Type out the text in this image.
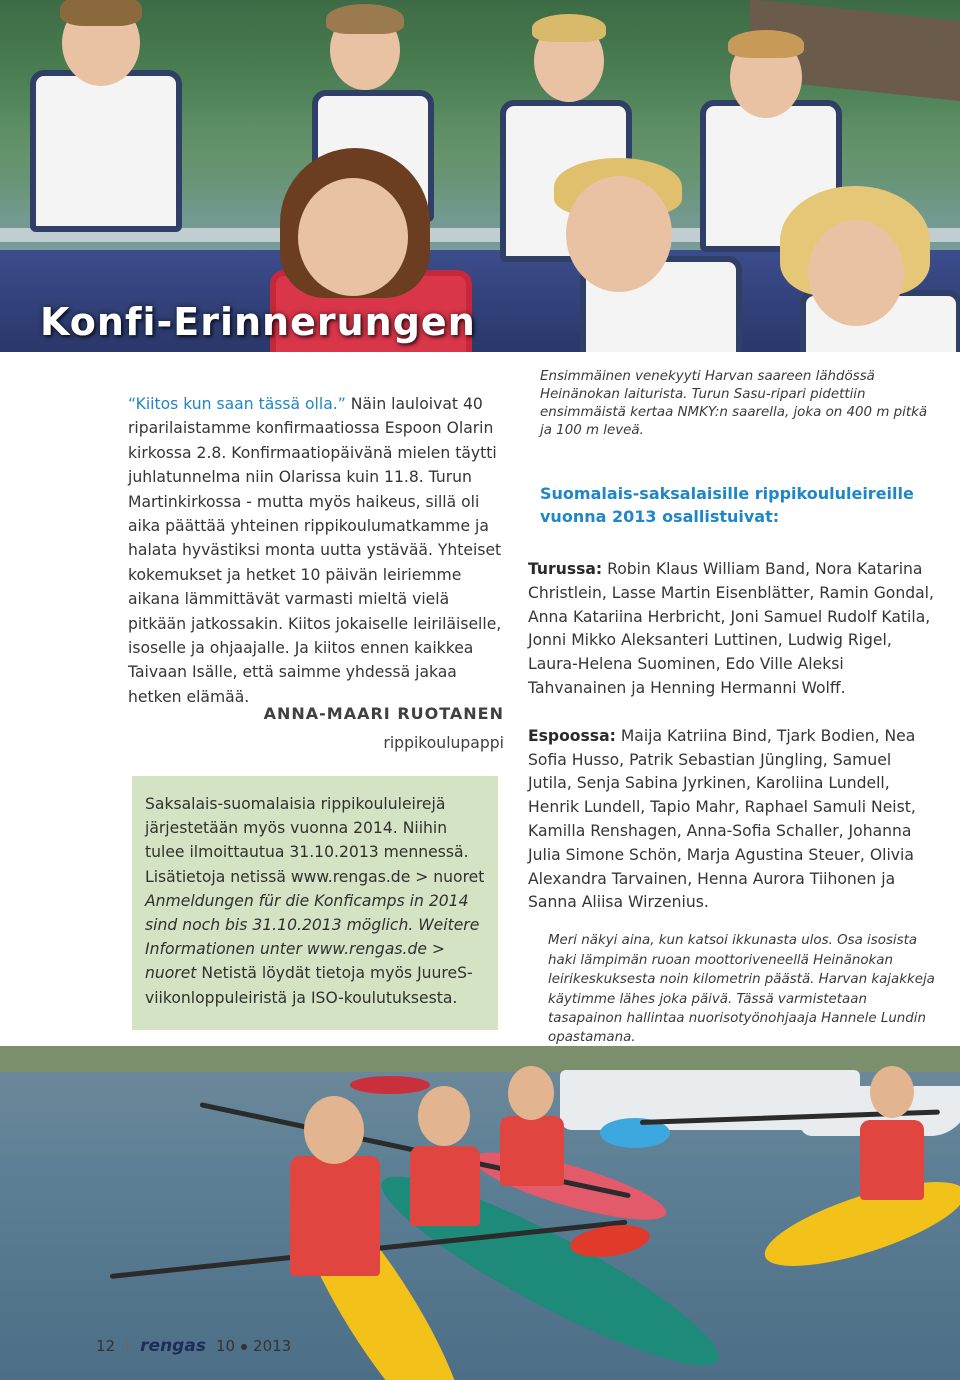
Konfi-Erinnerungen

“Kiitos kun saan tässä olla.” Näin lauloivat 40 riparilaistamme konfirmaatiossa Espoon Olarin kirkossa 2.8. Konfirmaatiopäivänä mielen täytti juhlatunnelma niin Olarissa kuin 11.8. Turun Martinkirkossa - mutta myös haikeus, sillä oli aika päättää yhteinen rippikoulumatkamme ja halata hyvästiksi monta uutta ystävää. Yhteiset kokemukset ja hetket 10 päivän leiriemme aikana lämmittävät varmasti mieltä vielä pitkään jatkossakin. Kiitos jokaiselle leiriläiselle, isoselle ja ohjaajalle. Ja kiitos ennen kaikkea Taivaan Isälle, että saimme yhdessä jakaa hetken elämää.

ANNA-MAARI RUOTANEN
rippikoulupappi
Saksalais-suomalaisia rippikoululeirejä järjestetään myös vuonna 2014. Niihin tulee ilmoittautua 31.10.2013 mennessä. Lisätietoja netissä www.rengas.de > nuoret Anmeldungen für die Konficamps in 2014 sind noch bis 31.10.2013 möglich. Weitere Informationen unter www.rengas.de > nuoret Netistä löydät tietoja myös JuureS-viikonloppuleiristä ja ISO-koulutuksesta.

Ensimmäinen venekyyti Harvan saareen lähdössä Heinänokan laiturista. Turun Sasu-ripari pidettiin ensimmäistä kertaa NMKY:n saarella, joka on 400 m pitkä ja 100 m leveä.

Suomalais-saksalaisille rippikoululeireille vuonna 2013 osallistuivat:

Turussa: Robin Klaus William Band, Nora Katarina Christlein, Lasse Martin Eisenblätter, Ramin Gondal, Anna Katariina Herbricht, Joni Samuel Rudolf Katila, Jonni Mikko Aleksanteri Luttinen, Ludwig Rigel, Laura-Helena Suominen, Edo Ville Aleksi Tahvanainen ja Henning Hermanni Wolff.

Espoossa: Maija Katriina Bind, Tjark Bodien, Nea Sofia Husso, Patrik Sebastian Jüngling, Samuel Jutila, Senja Sabina Jyrkinen, Karoliina Lundell, Henrik Lundell, Tapio Mahr, Raphael Samuli Neist, Kamilla Renshagen, Anna-Sofia Schaller, Johanna Julia Simone Schön, Marja Agustina Steuer, Olivia Alexandra Tarvainen, Henna Aurora Tiihonen ja Sanna Aliisa Wirzenius.

Meri näkyi aina, kun katsoi ikkunasta ulos. Osa isosista haki lämpimän ruoan moottoriveneellä Heinänokan leirikeskuksesta noin kilometrin päästä. Harvan kajakkeja käytimme lähes joka päivä. Tässä varmistetaan tasapainon hallintaa nuorisotyönohjaaja Hannele Lundin opastamana.

12 | rengas 10 2013
